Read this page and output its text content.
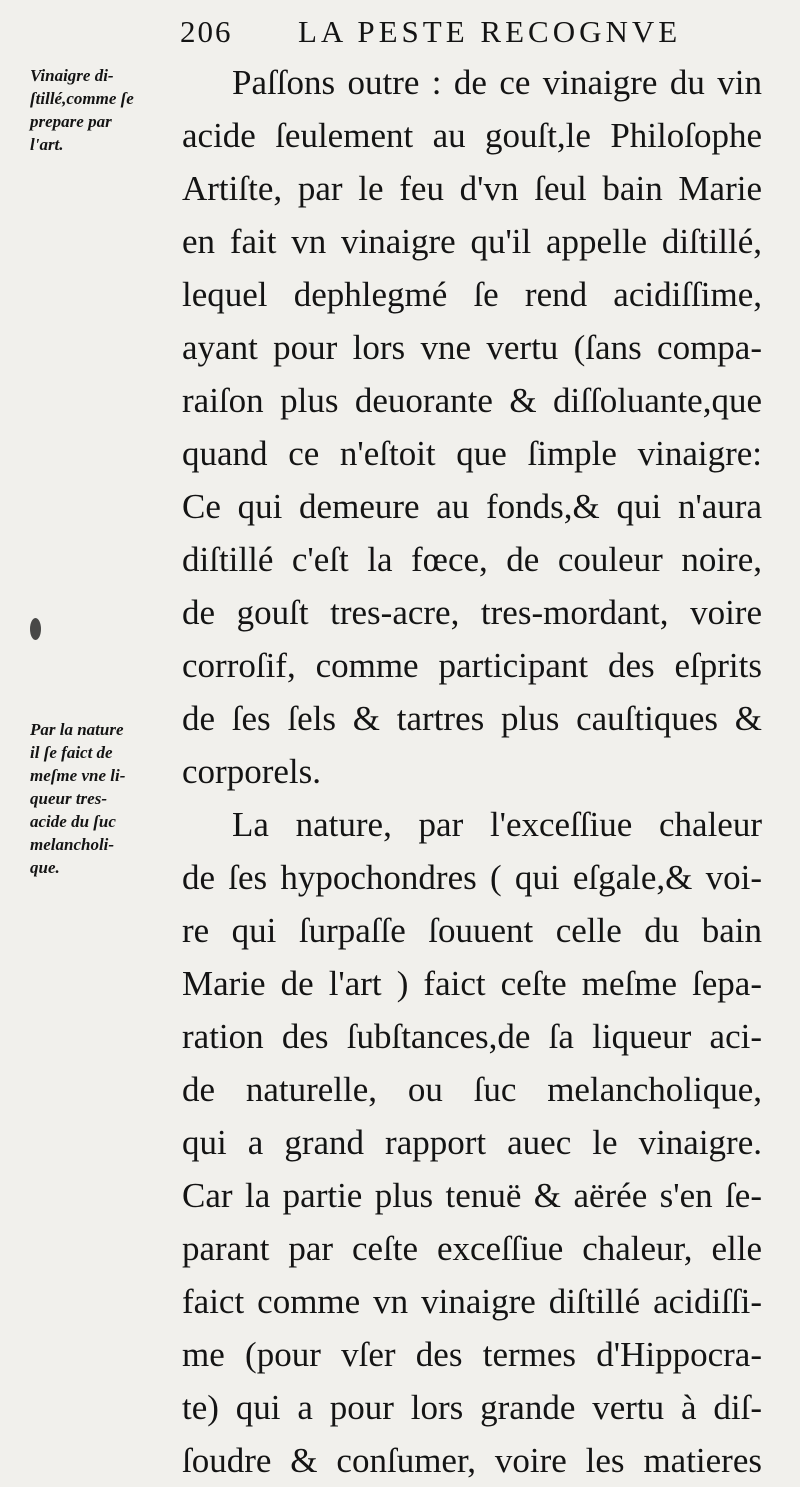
206 LA PESTE RECOGNVE
Vinaigre di-
ſtillé,comme ſe
prepare par
l'art.
Par la nature
il ſe faict de
meſme vne li-
queur tres-
acide du ſuc
melancholi-
que.
Paſſons outre : de ce vinaigre du vin
acide ſeulement au gouſt,le Philoſophe
Artiſte, par le feu d'vn ſeul bain Marie
en fait vn vinaigre qu'il appelle diſtillé,
lequel dephlegmé ſe rend acidiſſime,
ayant pour lors vne vertu (ſans compa-
raiſon plus deuorante & diſſoluante,que
quand ce n'eſtoit que ſimple vinaigre:
Ce qui demeure au fonds,& qui n'aura
diſtillé c'eſt la fœce, de couleur noire,
de gouſt tres-acre, tres-mordant, voire
corroſif, comme participant des eſprits
de ſes ſels & tartres plus cauſtiques &
corporels.
La nature, par l'exceſſiue chaleur
de ſes hypochondres ( qui eſgale,& voi-
re qui ſurpaſſe ſouuent celle du bain
Marie de l'art ) faict ceſte meſme ſepa-
ration des ſubſtances,de ſa liqueur aci-
de naturelle, ou ſuc melancholique,
qui a grand rapport auec le vinaigre.
Car la partie plus tenuë & aërée s'en ſe-
parant par ceſte exceſſiue chaleur, elle
faict comme vn vinaigre diſtillé acidiſſi-
me (pour vſer des termes d'Hippocra-
te) qui a pour lors grande vertu à diſ-
ſoudre & conſumer, voire les matieres
